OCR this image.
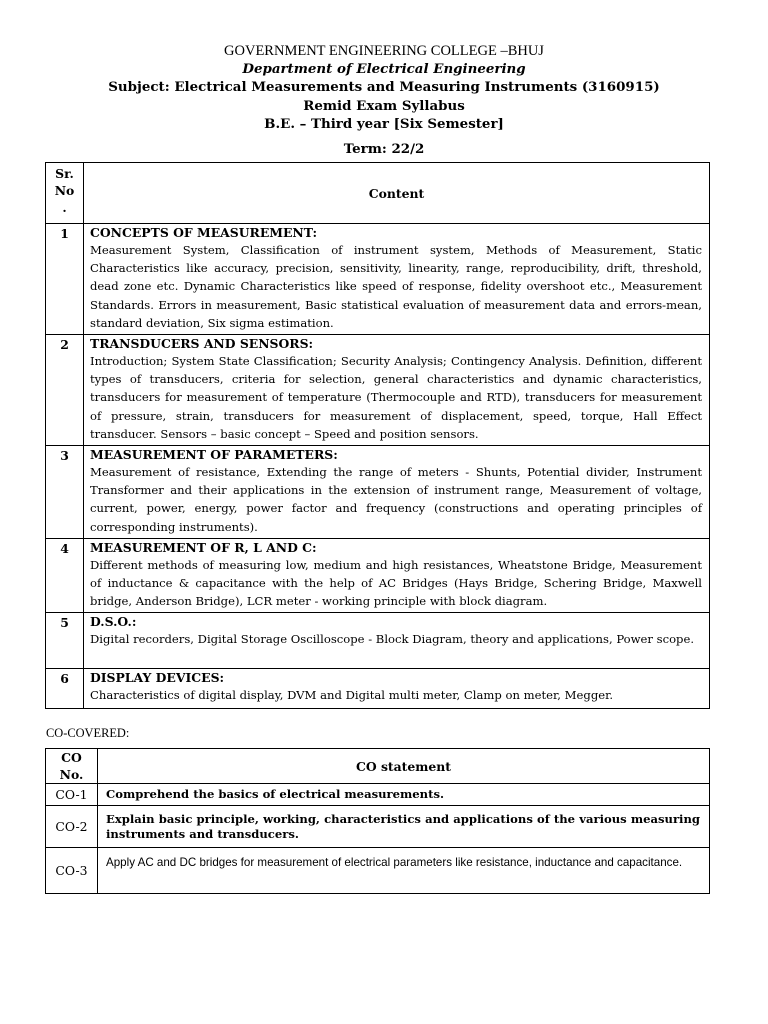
GOVERNMENT ENGINEERING COLLEGE –BHUJ
Department of Electrical Engineering
Subject: Electrical Measurements and Measuring Instruments (3160915)
Remid Exam Syllabus
B.E. – Third year [Six Semester]
Term: 22/2
Sr. No .	Content
1	CONCEPTS OF MEASUREMENT:
Measurement System, Classification of instrument system, Methods of Measurement, Static Characteristics like accuracy, precision, sensitivity, linearity, range, reproducibility, drift, threshold, dead zone etc. Dynamic Characteristics like speed of response, fidelity overshoot etc., Measurement Standards. Errors in measurement, Basic statistical evaluation of measurement data and errors-mean, standard deviation, Six sigma estimation.

2	TRANSDUCERS AND SENSORS:
Introduction; System State Classification; Security Analysis; Contingency Analysis. Definition, different types of transducers, criteria for selection, general characteristics and dynamic characteristics, transducers for measurement of temperature (Thermocouple and RTD), transducers for measurement of pressure, strain, transducers for measurement of displacement, speed, torque, Hall Effect transducer. Sensors – basic concept – Speed and position sensors.

3	MEASUREMENT OF PARAMETERS:
Measurement of resistance, Extending the range of meters - Shunts, Potential divider, Instrument Transformer and their applications in the extension of instrument range, Measurement of voltage, current, power, energy, power factor and frequency (constructions and operating principles of corresponding instruments).

4	MEASUREMENT OF R, L AND C:
Different methods of measuring low, medium and high resistances, Wheatstone Bridge, Measurement of inductance & capacitance with the help of AC Bridges (Hays Bridge, Schering Bridge, Maxwell bridge, Anderson Bridge), LCR meter - working principle with block diagram.

5	D.S.O.:
Digital recorders, Digital Storage Oscilloscope - Block Diagram, theory and applications, Power scope.

6	DISPLAY DEVICES:
Characteristics of digital display, DVM and Digital multi meter, Clamp on meter, Megger.
CO-COVERED:
CO No.	CO statement
CO-1	Comprehend the basics of electrical measurements.
CO-2	Explain basic principle, working, characteristics and applications of the various measuring instruments and transducers.
CO-3	Apply AC and DC bridges for measurement of electrical parameters like resistance, inductance and capacitance.
